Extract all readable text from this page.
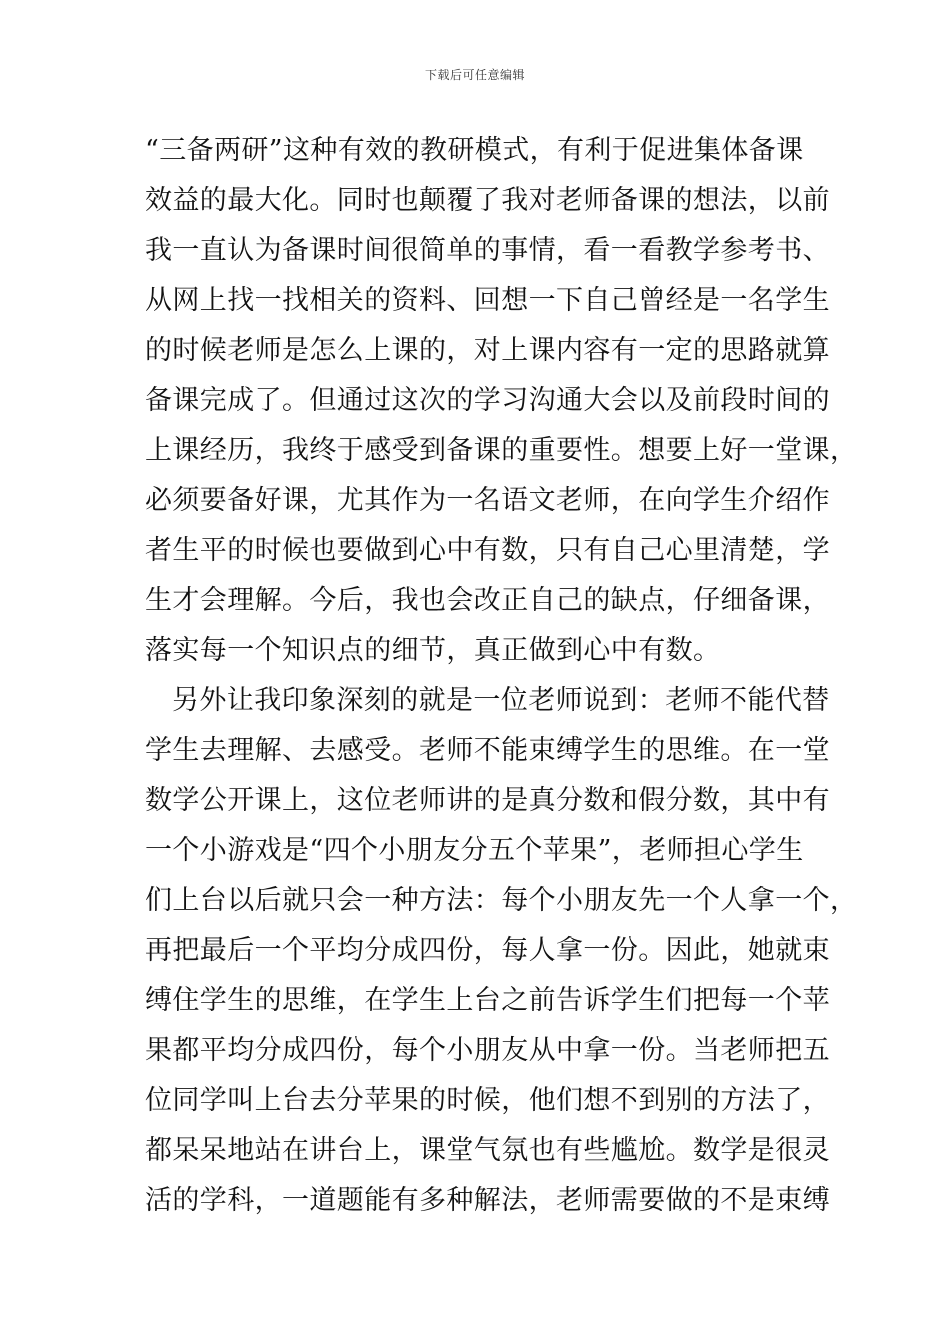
下载后可任意编辑
“三备两研”这种有效的教研模式，有利于促进集体备课
效益的最大化。同时也颠覆了我对老师备课的想法，以前
我一直认为备课时间很简单的事情，看一看教学参考书、
从网上找一找相关的资料、回想一下自己曾经是一名学生
的时候老师是怎么上课的，对上课内容有一定的思路就算
备课完成了。但通过这次的学习沟通大会以及前段时间的
上课经历，我终于感受到备课的重要性。想要上好一堂课，
必须要备好课，尤其作为一名语文老师，在向学生介绍作
者生平的时候也要做到心中有数，只有自己心里清楚，学
生才会理解。今后，我也会改正自己的缺点，仔细备课，
落实每一个知识点的细节，真正做到心中有数。
另外让我印象深刻的就是一位老师说到：老师不能代替
学生去理解、去感受。老师不能束缚学生的思维。在一堂
数学公开课上，这位老师讲的是真分数和假分数，其中有
一个小游戏是“四个小朋友分五个苹果”，老师担心学生
们上台以后就只会一种方法：每个小朋友先一个人拿一个，
再把最后一个平均分成四份，每人拿一份。因此，她就束
缚住学生的思维，在学生上台之前告诉学生们把每一个苹
果都平均分成四份，每个小朋友从中拿一份。当老师把五
位同学叫上台去分苹果的时候，他们想不到别的方法了，
都呆呆地站在讲台上，课堂气氛也有些尴尬。数学是很灵
活的学科，一道题能有多种解法，老师需要做的不是束缚
